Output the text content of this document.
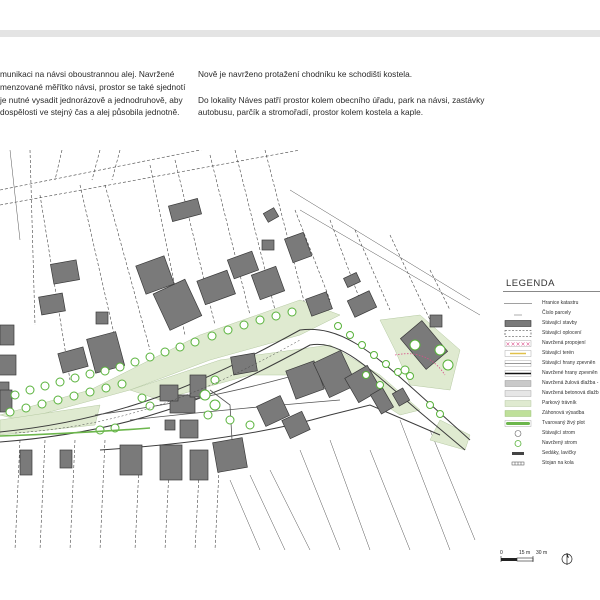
munikaci na návsi oboustrannou alej. Navržené
menzované měřítko návsi, prostor se také sjednotí
je nutné vysadit jednorázově a jednodruhově, aby
dospělosti ve stejný čas a alej působila jednotně.
Nově je navrženo protažení chodníku ke schodišti kostela.
Do lokality Náves patří prostor kolem obecního úřadu, park na návsi, zastávky
autobusu, parčík a stromořadí, prostor kolem kostela a kaple.
LEGENDA
Hranice katastru
Číslo parcely
Stávající stavby
Stávající oplocení
××××× Navržená propojení
Stávající terén
Stávající hrany zpevněn
Navržené hrany zpevněn
Navržená žulová dlažba -
Navržená betonová dlažb
Parkový trávník
Záhonová výsadba
Tvarovaný živý plot
Stávající strom
Navržený strom
Sedáky, lavičky
Stojan na kola
0	15 m 30 m
